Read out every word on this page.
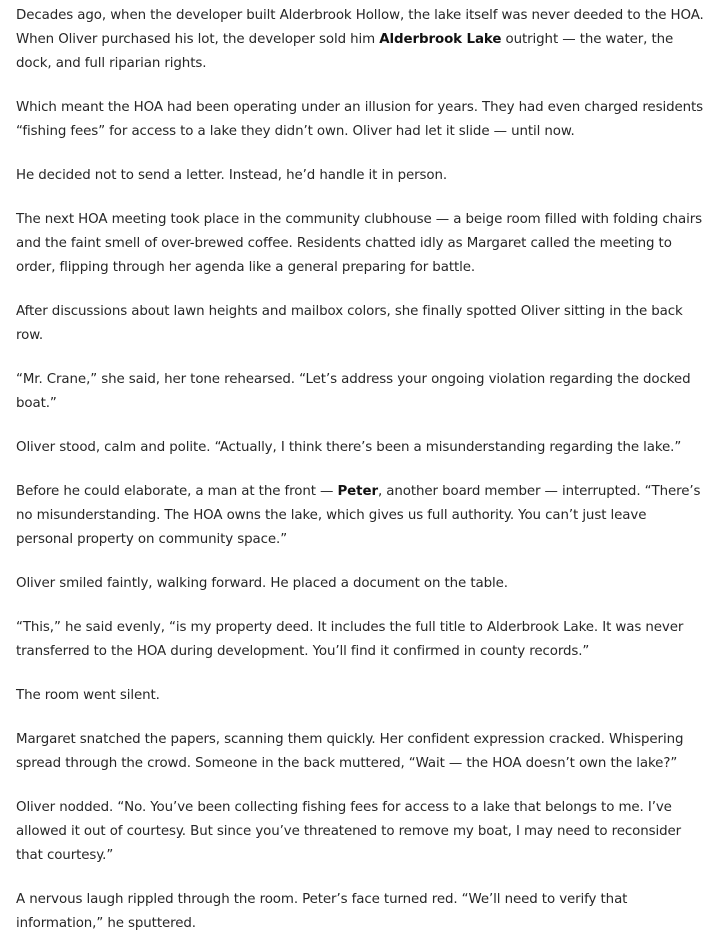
Decades ago, when the developer built Alderbrook Hollow, the lake itself was never deeded to the HOA. When Oliver purchased his lot, the developer sold him Alderbrook Lake outright — the water, the dock, and full riparian rights.

Which meant the HOA had been operating under an illusion for years. They had even charged residents “fishing fees” for access to a lake they didn’t own. Oliver had let it slide — until now.

He decided not to send a letter. Instead, he’d handle it in person.

The next HOA meeting took place in the community clubhouse — a beige room filled with folding chairs and the faint smell of over-brewed coffee. Residents chatted idly as Margaret called the meeting to order, flipping through her agenda like a general preparing for battle.

After discussions about lawn heights and mailbox colors, she finally spotted Oliver sitting in the back row.

“Mr. Crane,” she said, her tone rehearsed. “Let’s address your ongoing violation regarding the docked boat.”

Oliver stood, calm and polite. “Actually, I think there’s been a misunderstanding regarding the lake.”

Before he could elaborate, a man at the front — Peter, another board member — interrupted. “There’s no misunderstanding. The HOA owns the lake, which gives us full authority. You can’t just leave personal property on community space.”

Oliver smiled faintly, walking forward. He placed a document on the table.

“This,” he said evenly, “is my property deed. It includes the full title to Alderbrook Lake. It was never transferred to the HOA during development. You’ll find it confirmed in county records.”

The room went silent.

Margaret snatched the papers, scanning them quickly. Her confident expression cracked. Whispering spread through the crowd. Someone in the back muttered, “Wait — the HOA doesn’t own the lake?”

Oliver nodded. “No. You’ve been collecting fishing fees for access to a lake that belongs to me. I’ve allowed it out of courtesy. But since you’ve threatened to remove my boat, I may need to reconsider that courtesy.”

A nervous laugh rippled through the room. Peter’s face turned red. “We’ll need to verify that information,” he sputtered.
